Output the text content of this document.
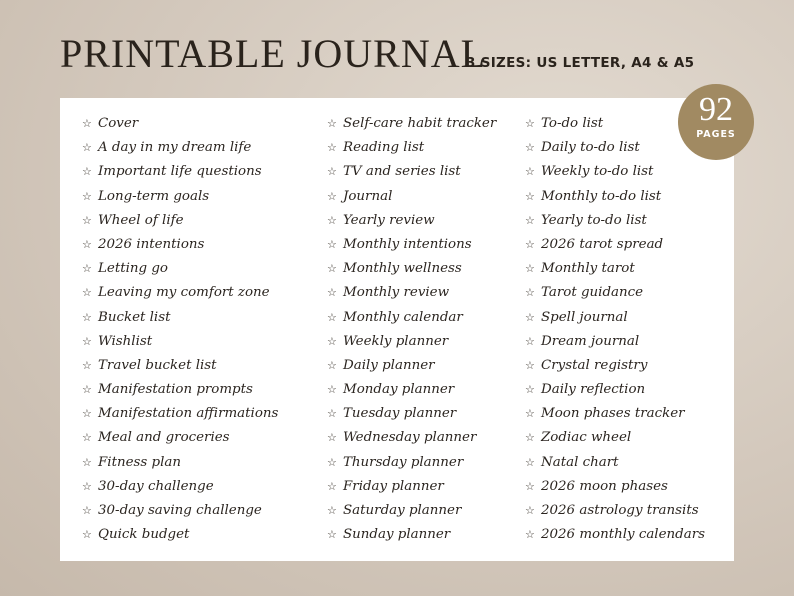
PRINTABLE JOURNAL
3 SIZES: US LETTER, A4 & A5
☆ Cover
☆ A day in my dream life
☆ Important life questions
☆ Long-term goals
☆ Wheel of life
☆ 2026 intentions
☆ Letting go
☆ Leaving my comfort zone
☆ Bucket list
☆ Wishlist
☆ Travel bucket list
☆ Manifestation prompts
☆ Manifestation affirmations
☆ Meal and groceries
☆ Fitness plan
☆ 30-day challenge
☆ 30-day saving challenge
☆ Quick budget
☆ Self-care habit tracker
☆ Reading list
☆ TV and series list
☆ Journal
☆ Yearly review
☆ Monthly intentions
☆ Monthly wellness
☆ Monthly review
☆ Monthly calendar
☆ Weekly planner
☆ Daily planner
☆ Monday planner
☆ Tuesday planner
☆ Wednesday planner
☆ Thursday planner
☆ Friday planner
☆ Saturday planner
☆ Sunday planner
☆ To-do list
☆ Daily to-do list
☆ Weekly to-do list
☆ Monthly to-do list
☆ Yearly to-do list
☆ 2026 tarot spread
☆ Monthly tarot
☆ Tarot guidance
☆ Spell journal
☆ Dream journal
☆ Crystal registry
☆ Daily reflection
☆ Moon phases tracker
☆ Zodiac wheel
☆ Natal chart
☆ 2026 moon phases
☆ 2026 astrology transits
☆ 2026 monthly calendars
92
PAGES
